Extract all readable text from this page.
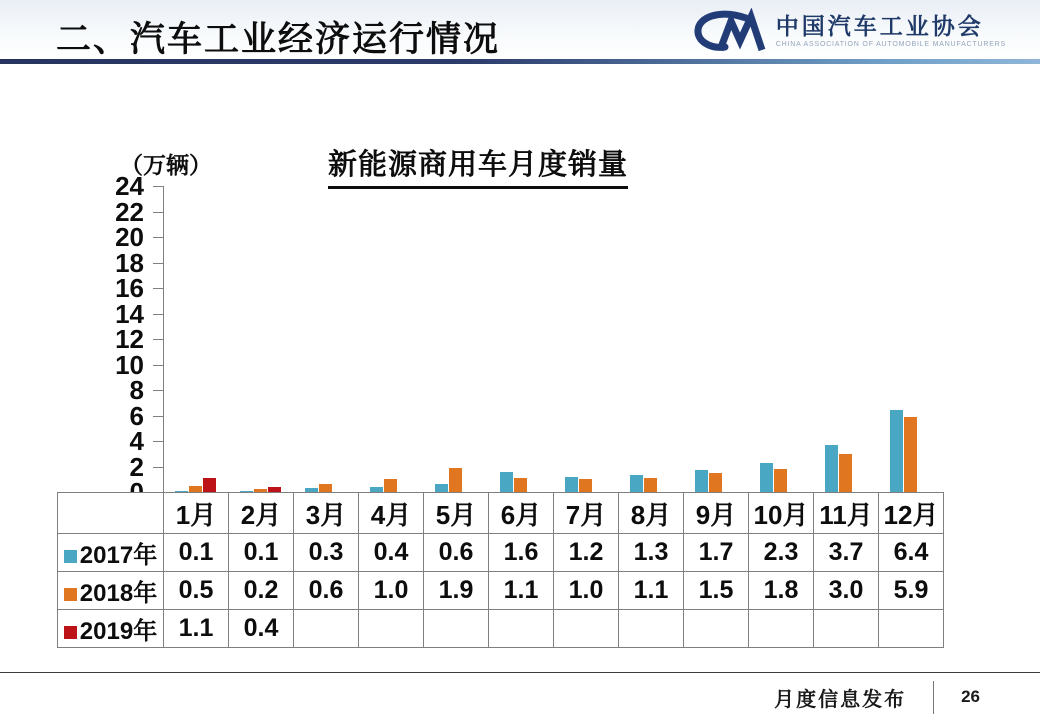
二、汽车工业经济运行情况	中国汽车工业协会
CHINA ASSOCIATION OF AUTOMOBILE MANUFACTURERS
（万辆）	新能源商用车月度销量
2
4
6
8
10
12
14
16
18
20
22
24
	1月	2月	3月	4月	5月	6月	7月	8月	9月	10月	11月	12月
2017年	0.1	0.1	0.3	0.4	0.6	1.6	1.2	1.3	1.7	2.3	3.7	6.4
2018年	0.5	0.2	0.6	1.0	1.9	1.1	1.0	1.1	1.5	1.8	3.0	5.9
2019年	1.1	0.4										
月度信息发布	26
